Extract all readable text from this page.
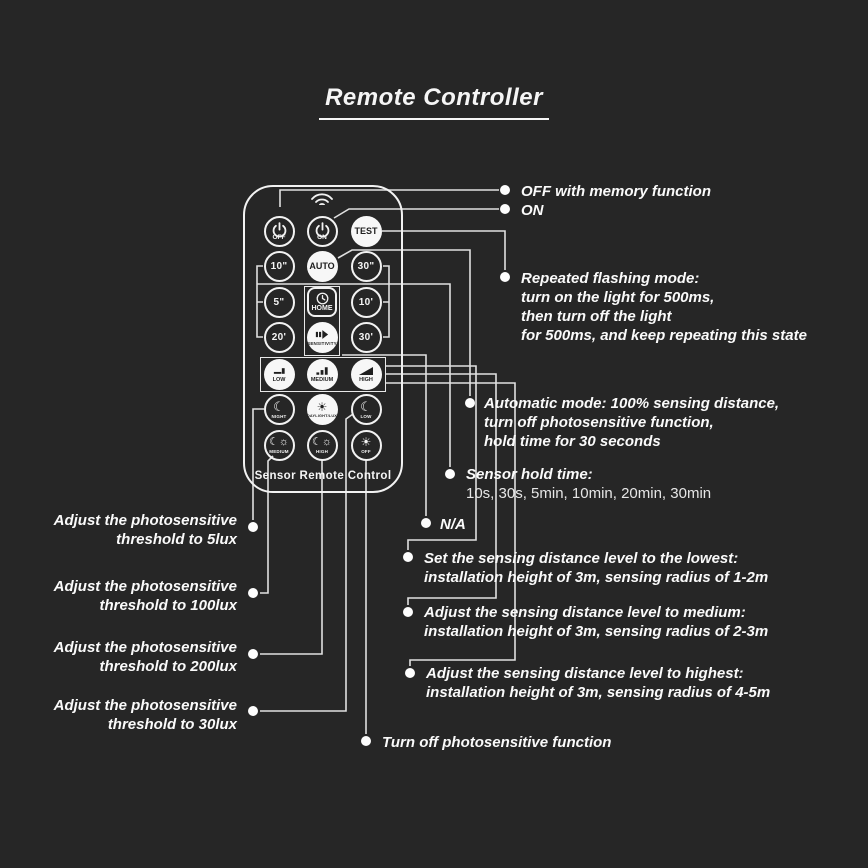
Remote Controller
OFF	ON
TEST
10" AUTO 30"
5"
HOME
10'
20'
SENSITIVITY
30'
LOW	MEDIUM	HIGH
☾
NIGHT
☀
DAYLIGHT/LUX
☾
LOW
☾☼
MEDIUM
☾☼
HIGH
☀
OFF
Sensor Remote Control
OFF with memory function
ON
Repeated flashing mode:
turn on the light for 500ms,
then turn off the light
for 500ms, and keep repeating this state
Automatic mode: 100% sensing distance,
turn off photosensitive function,
hold time for 30 seconds
Sensor hold time:
10s, 30s, 5min, 10min, 20min, 30min
N/A
Set the sensing distance level to the lowest:
installation height of 3m, sensing radius of 1-2m
Adjust the sensing distance level to medium:
installation height of 3m, sensing radius of 2-3m
Adjust the sensing distance level to highest:
installation height of 3m, sensing radius of 4-5m
Turn off photosensitive function
Adjust the photosensitive
threshold to 5lux
Adjust the photosensitive
threshold to 100lux
Adjust the photosensitive
threshold to 200lux
Adjust the photosensitive
threshold to 30lux
